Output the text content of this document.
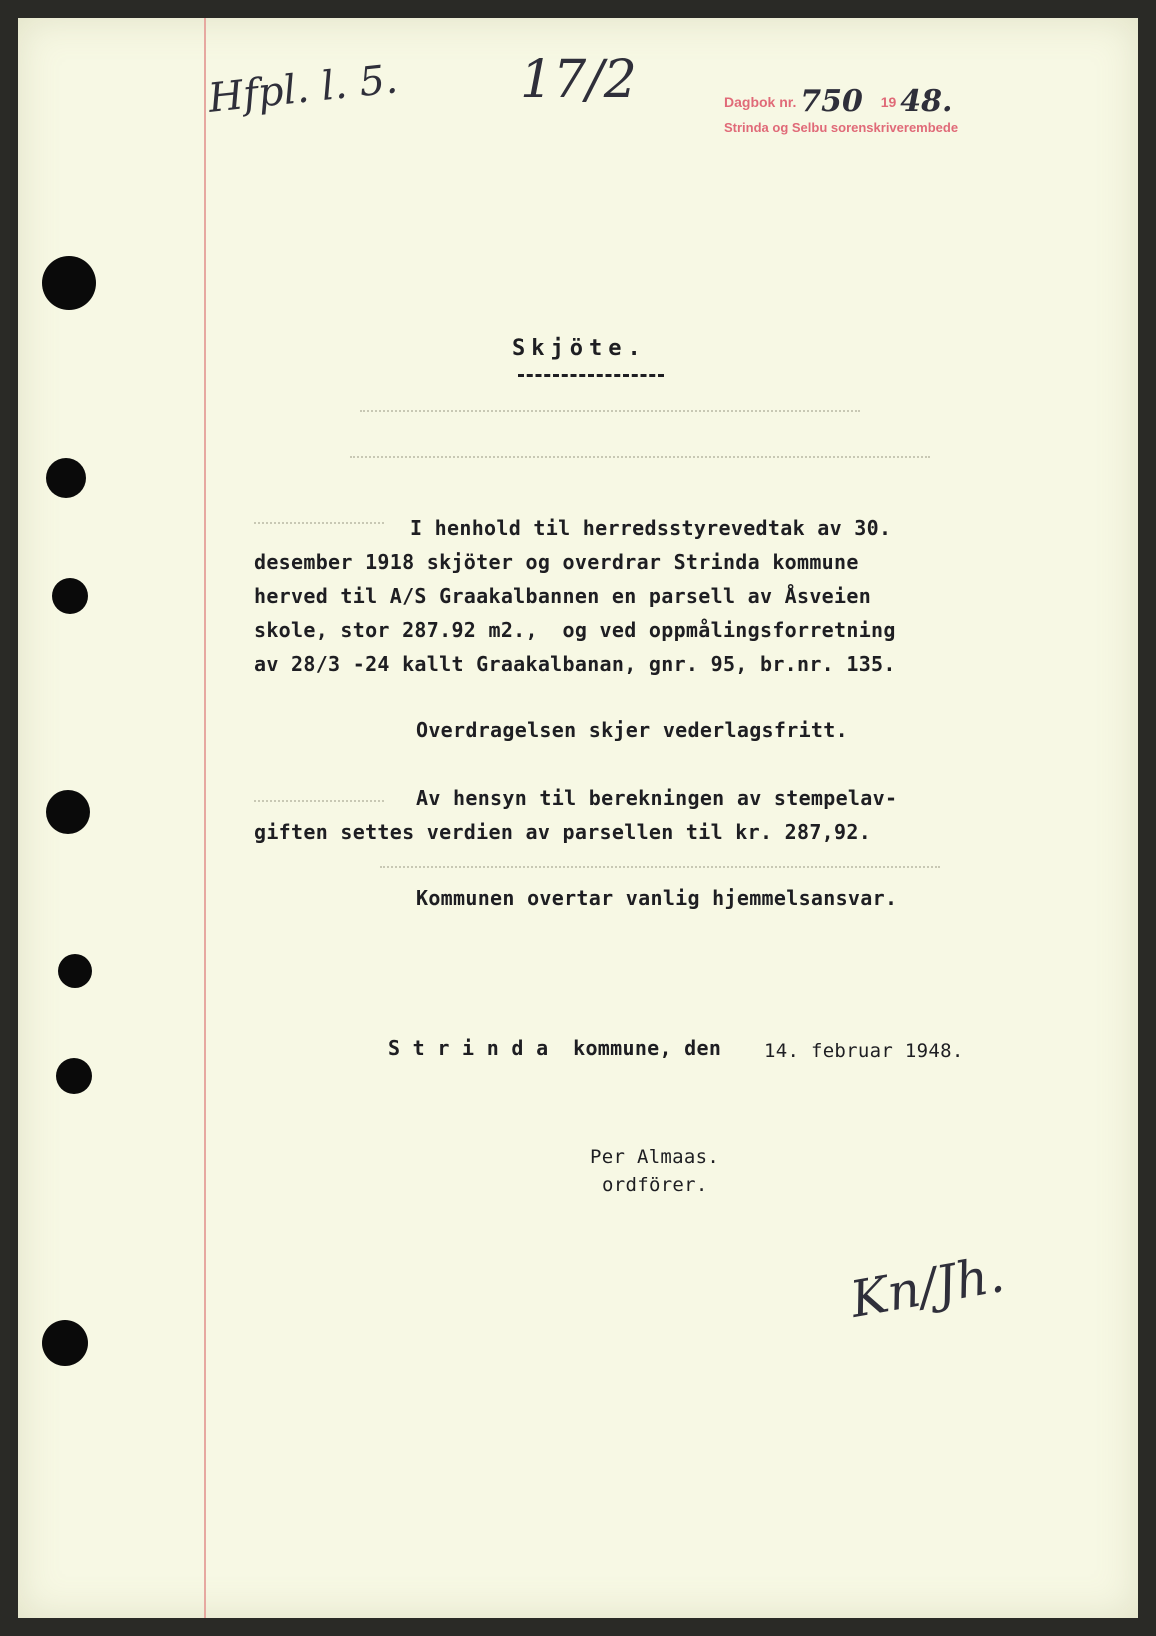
Hfpl. l. 5. 17/2	Dagbok nr. 750 19 48.
Strinda og Selbu sorenskriverembede
Skjöte.
I henhold til herredsstyrevedtak av 30.
desember 1918 skjöter og overdrar Strinda kommune
herved til A/S Graakalbannen en parsell av Åsveien
skole, stor 287.92 m2.,  og ved oppmålingsforretning
av 28/3 -24 kallt Graakalbanan, gnr. 95, br.nr. 135.
Overdragelsen skjer vederlagsfritt.
Av hensyn til berekningen av stempelav-
giften settes verdien av parsellen til kr. 287,92.
Kommunen overtar vanlig hjemmelsansvar.
S t r i n d a  kommune, den 14. februar 1948.
Per Almaas.
ordförer.
Kn/Jh.
